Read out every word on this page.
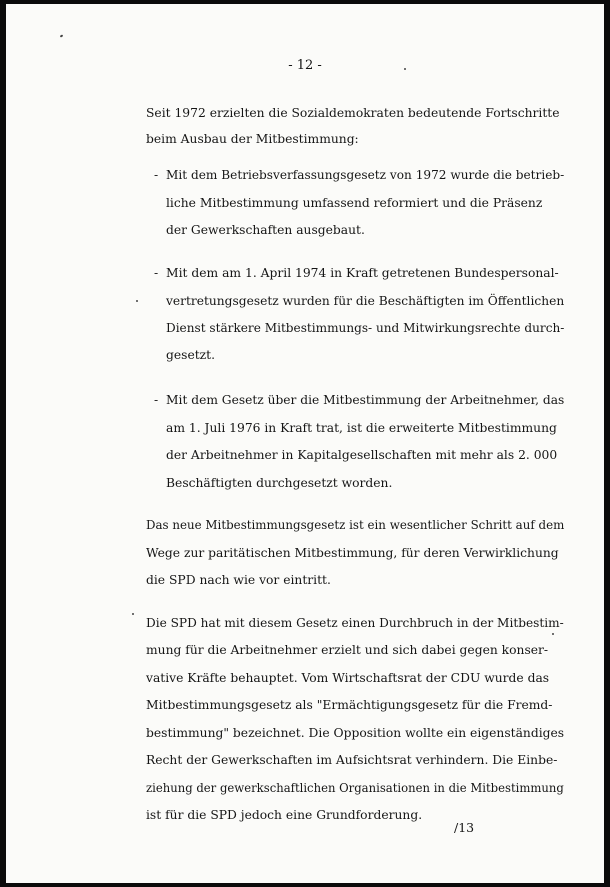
- 12 -
Seit 1972 erzielten die Sozialdemokraten bedeutende Fortschritte
beim Ausbau der Mitbestimmung:
- Mit dem Betriebsverfassungsgesetz von 1972 wurde die betrieb-
liche Mitbestimmung umfassend reformiert und die Präsenz
der Gewerkschaften ausgebaut.
- Mit dem am 1. April 1974 in Kraft getretenen Bundespersonal-
vertretungsgesetz wurden für die Beschäftigten im Öffentlichen
Dienst stärkere Mitbestimmungs- und Mitwirkungsrechte durch-
gesetzt.
- Mit dem Gesetz über die Mitbestimmung der Arbeitnehmer, das
am 1. Juli 1976 in Kraft trat, ist die erweiterte Mitbestimmung
der Arbeitnehmer in Kapitalgesellschaften mit mehr als 2. 000
Beschäftigten durchgesetzt worden.
Das neue Mitbestimmungsgesetz ist ein wesentlicher Schritt auf dem
Wege zur paritätischen Mitbestimmung, für deren Verwirklichung
die SPD nach wie vor eintritt.
Die SPD hat mit diesem Gesetz einen Durchbruch in der Mitbestim-
mung für die Arbeitnehmer erzielt und sich dabei gegen konser-
vative Kräfte behauptet. Vom Wirtschaftsrat der CDU wurde das
Mitbestimmungsgesetz als "Ermächtigungsgesetz für die Fremd-
bestimmung" bezeichnet. Die Opposition wollte ein eigenständiges
Recht der Gewerkschaften im Aufsichtsrat verhindern. Die Einbe-
ziehung der gewerkschaftlichen Organisationen in die Mitbestimmung
ist für die SPD jedoch eine Grundforderung.
/13
